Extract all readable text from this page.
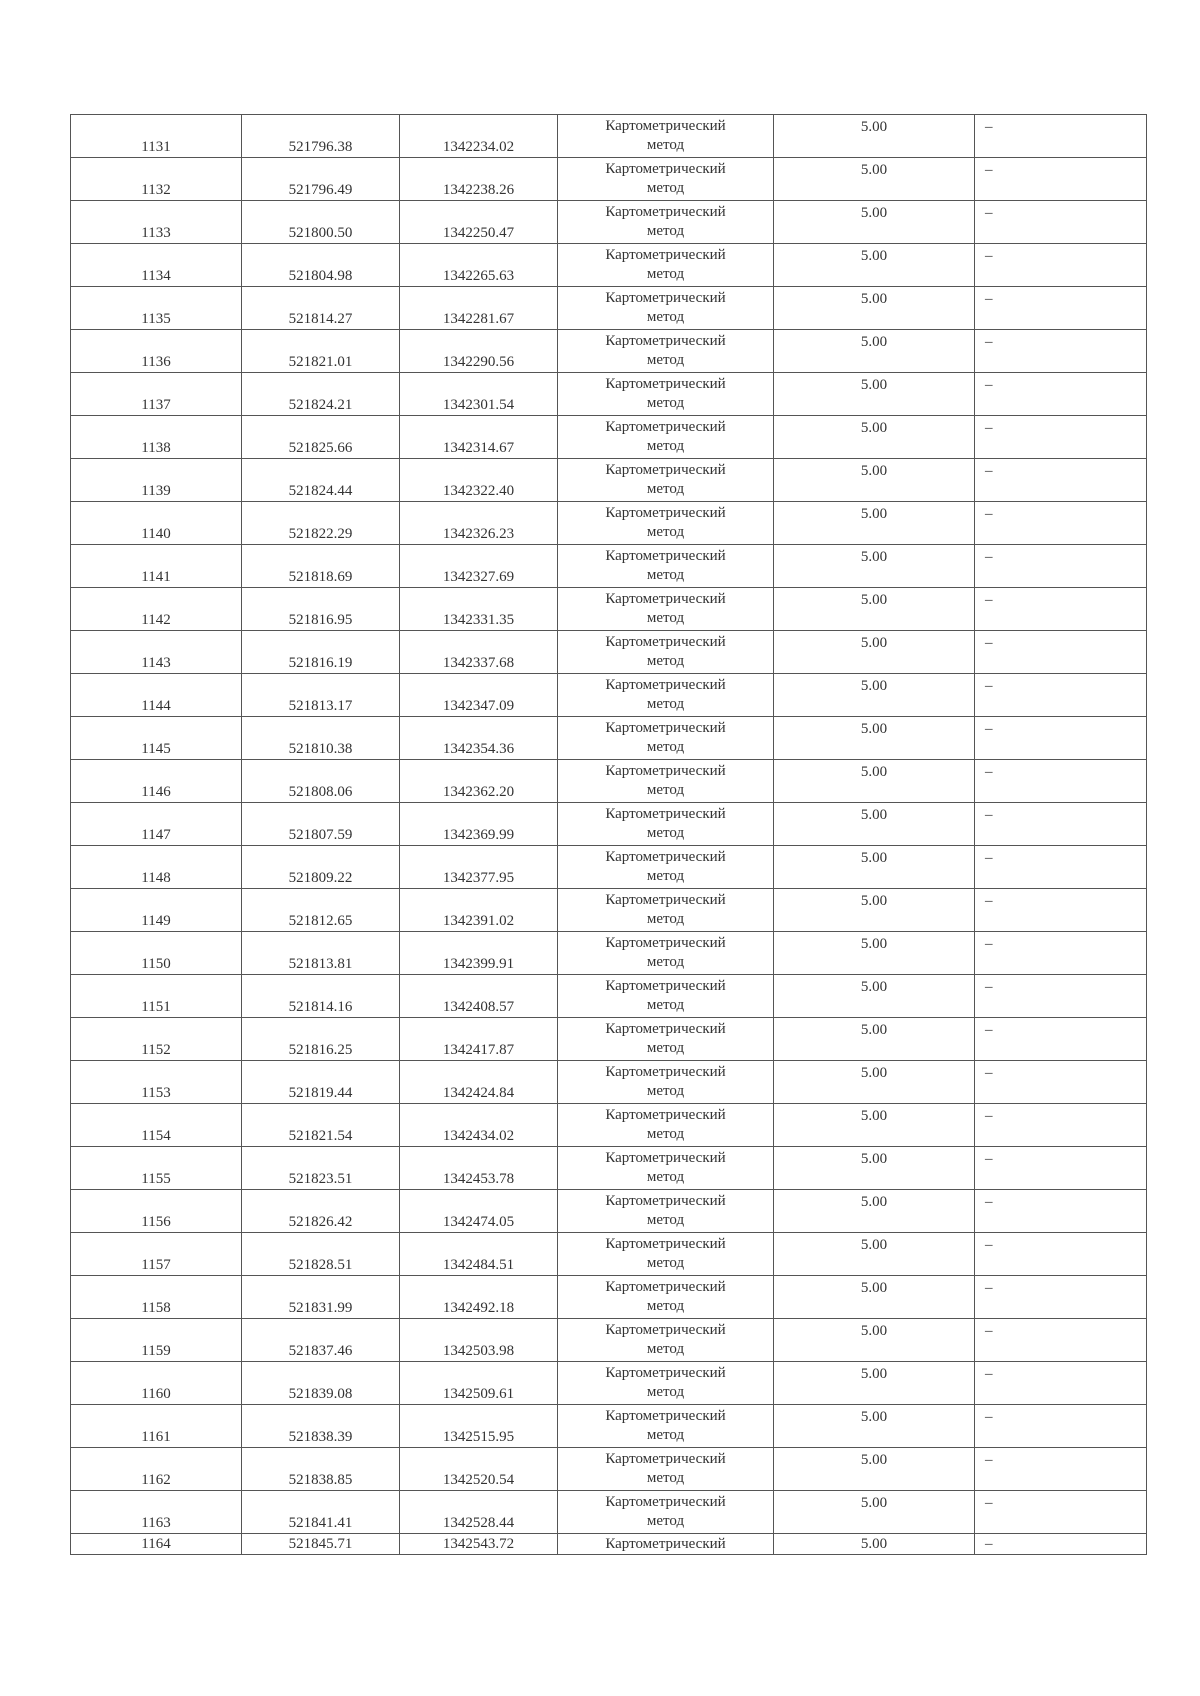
1131	521796.38	1342234.02	Картометрический
метод	5.00	–
1132	521796.49	1342238.26	Картометрический
метод	5.00	–
1133	521800.50	1342250.47	Картометрический
метод	5.00	–
1134	521804.98	1342265.63	Картометрический
метод	5.00	–
1135	521814.27	1342281.67	Картометрический
метод	5.00	–
1136	521821.01	1342290.56	Картометрический
метод	5.00	–
1137	521824.21	1342301.54	Картометрический
метод	5.00	–
1138	521825.66	1342314.67	Картометрический
метод	5.00	–
1139	521824.44	1342322.40	Картометрический
метод	5.00	–
1140	521822.29	1342326.23	Картометрический
метод	5.00	–
1141	521818.69	1342327.69	Картометрический
метод	5.00	–
1142	521816.95	1342331.35	Картометрический
метод	5.00	–
1143	521816.19	1342337.68	Картометрический
метод	5.00	–
1144	521813.17	1342347.09	Картометрический
метод	5.00	–
1145	521810.38	1342354.36	Картометрический
метод	5.00	–
1146	521808.06	1342362.20	Картометрический
метод	5.00	–
1147	521807.59	1342369.99	Картометрический
метод	5.00	–
1148	521809.22	1342377.95	Картометрический
метод	5.00	–
1149	521812.65	1342391.02	Картометрический
метод	5.00	–
1150	521813.81	1342399.91	Картометрический
метод	5.00	–
1151	521814.16	1342408.57	Картометрический
метод	5.00	–
1152	521816.25	1342417.87	Картометрический
метод	5.00	–
1153	521819.44	1342424.84	Картометрический
метод	5.00	–
1154	521821.54	1342434.02	Картометрический
метод	5.00	–
1155	521823.51	1342453.78	Картометрический
метод	5.00	–
1156	521826.42	1342474.05	Картометрический
метод	5.00	–
1157	521828.51	1342484.51	Картометрический
метод	5.00	–
1158	521831.99	1342492.18	Картометрический
метод	5.00	–
1159	521837.46	1342503.98	Картометрический
метод	5.00	–
1160	521839.08	1342509.61	Картометрический
метод	5.00	–
1161	521838.39	1342515.95	Картометрический
метод	5.00	–
1162	521838.85	1342520.54	Картометрический
метод	5.00	–
1163	521841.41	1342528.44	Картометрический
метод	5.00	–
1164	521845.71	1342543.72	Картометрический	5.00	–
